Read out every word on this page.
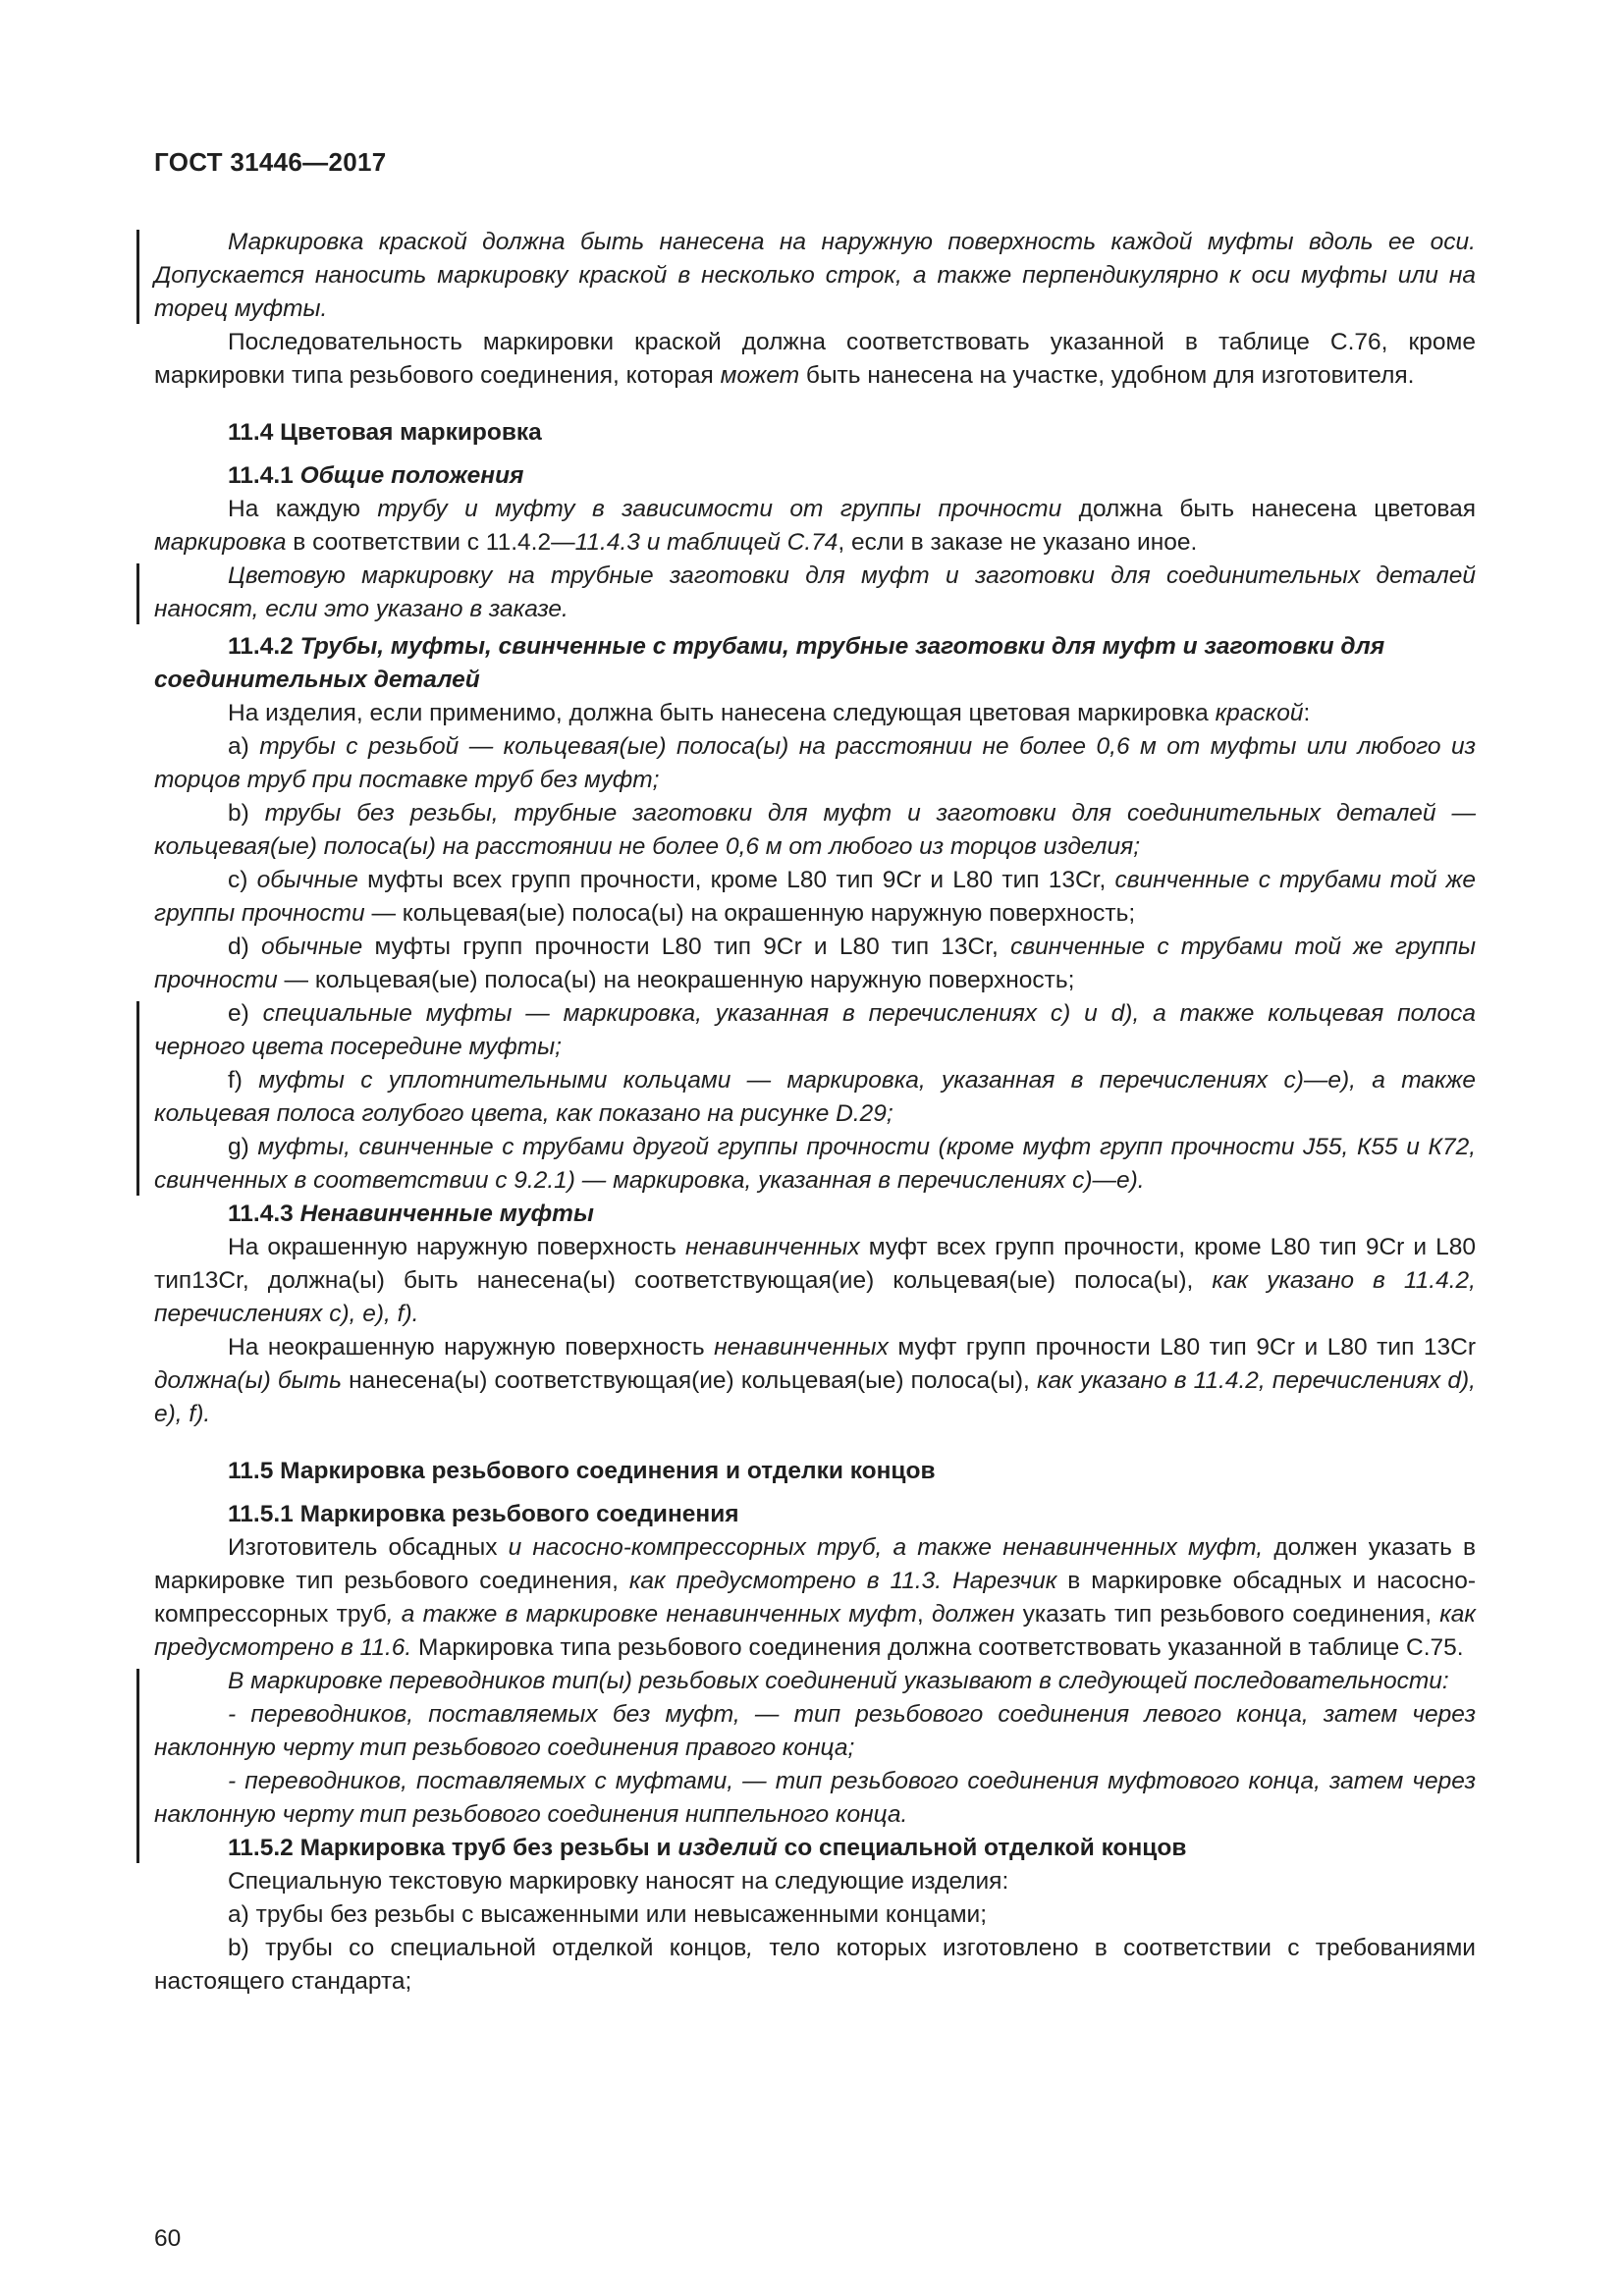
ГОСТ 31446—2017

Маркировка краской должна быть нанесена на наружную поверхность каждой муфты вдоль ее оси. Допускается наносить маркировку краской в несколько строк, а также перпендикулярно к оси муфты или на торец муфты.

Последовательность маркировки краской должна соответствовать указанной в таблице С.76, кроме маркировки типа резьбового соединения, которая может быть нанесена на участке, удобном для изготовителя.

11.4 Цветовая маркировка

11.4.1 Общие положения

На каждую трубу и муфту в зависимости от группы прочности должна быть нанесена цветовая маркировка в соответствии с 11.4.2—11.4.3 и таблицей С.74, если в заказе не указано иное.

Цветовую маркировку на трубные заготовки для муфт и заготовки для соединительных деталей наносят, если это указано в заказе.

11.4.2 Трубы, муфты, свинченные с трубами, трубные заготовки для муфт и заготовки для соединительных деталей

На изделия, если применимо, должна быть нанесена следующая цветовая маркировка краской:

а) трубы с резьбой — кольцевая(ые) полоса(ы) на расстоянии не более 0,6 м от муфты или любого из торцов труб при поставке труб без муфт;

b) трубы без резьбы, трубные заготовки для муфт и заготовки для соединительных деталей — кольцевая(ые) полоса(ы) на расстоянии не более 0,6 м от любого из торцов изделия;

c) обычные муфты всех групп прочности, кроме L80 тип 9Cr и L80 тип 13Cr, свинченные с трубами той же группы прочности — кольцевая(ые) полоса(ы) на окрашенную наружную поверхность;

d) обычные муфты групп прочности L80 тип 9Cr и L80 тип 13Cr, свинченные с трубами той же группы прочности — кольцевая(ые) полоса(ы) на неокрашенную наружную поверхность;

e) специальные муфты — маркировка, указанная в перечислениях с) и d), а также кольцевая полоса черного цвета посередине муфты;

f) муфты с уплотнительными кольцами — маркировка, указанная в перечислениях с)—е), а также кольцевая полоса голубого цвета, как показано на рисунке D.29;

g) муфты, свинченные с трубами другой группы прочности (кроме муфт групп прочности J55, К55 и К72, свинченных в соответствии с 9.2.1) — маркировка, указанная в перечислениях с)—е).

11.4.3 Ненавинченные муфты

На окрашенную наружную поверхность ненавинченных муфт всех групп прочности, кроме L80 тип 9Cr и L80 тип13Cr, должна(ы) быть нанесена(ы) соответствующая(ие) кольцевая(ые) полоса(ы), как указано в 11.4.2, перечислениях с), е), f).

На неокрашенную наружную поверхность ненавинченных муфт групп прочности L80 тип 9Cr и L80 тип 13Cr должна(ы) быть нанесена(ы) соответствующая(ие) кольцевая(ые) полоса(ы), как указано в 11.4.2, перечислениях d), е), f).

11.5 Маркировка резьбового соединения и отделки концов

11.5.1 Маркировка резьбового соединения

Изготовитель обсадных и насосно-компрессорных труб, а также ненавинченных муфт, должен указать в маркировке тип резьбового соединения, как предусмотрено в 11.3. Нарезчик в маркировке обсадных и насосно-компрессорных труб, а также в маркировке ненавинченных муфт, должен указать тип резьбового соединения, как предусмотрено в 11.6. Маркировка типа резьбового соединения должна соответствовать указанной в таблице С.75.

В маркировке переводников тип(ы) резьбовых соединений указывают в следующей последовательности:

- переводников, поставляемых без муфт, — тип резьбового соединения левого конца, затем через наклонную черту тип резьбового соединения правого конца;

- переводников, поставляемых с муфтами, — тип резьбового соединения муфтового конца, затем через наклонную черту тип резьбового соединения ниппельного конца.

11.5.2 Маркировка труб без резьбы и изделий со специальной отделкой концов

Специальную текстовую маркировку наносят на следующие изделия:

а) трубы без резьбы с высаженными или невысаженными концами;

b) трубы со специальной отделкой концов, тело которых изготовлено в соответствии с требованиями настоящего стандарта;

60
